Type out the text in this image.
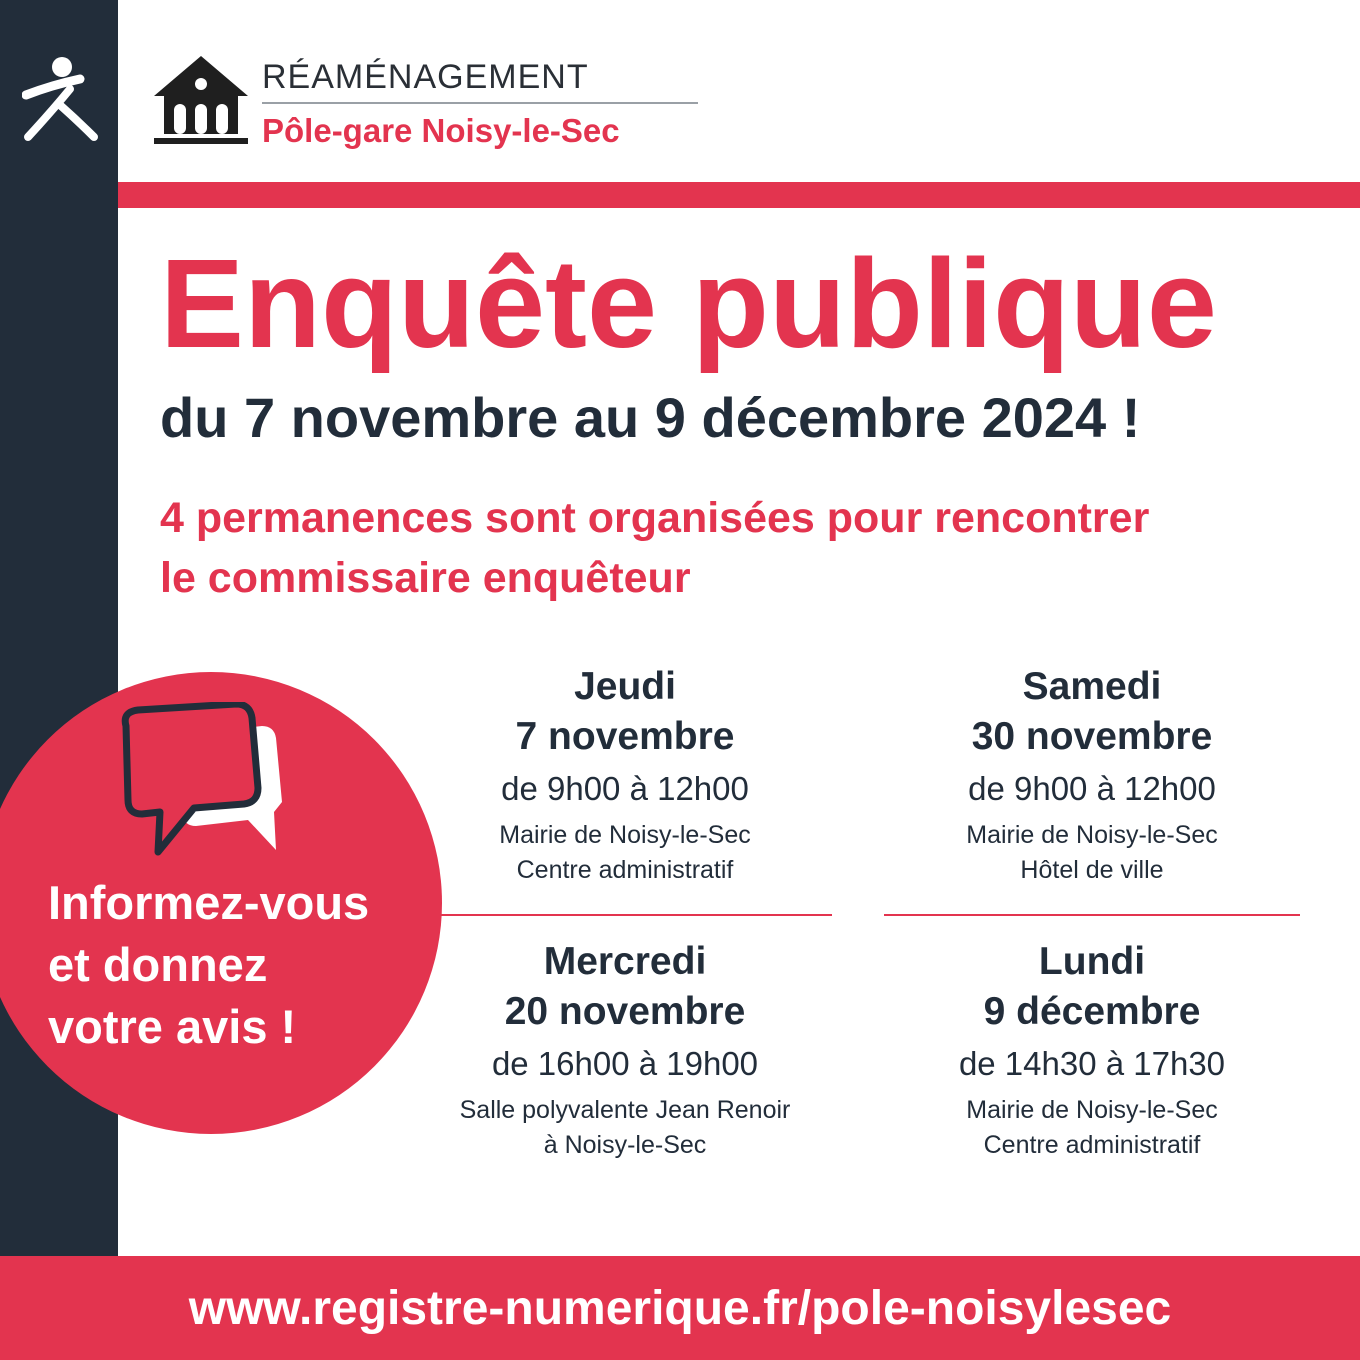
RÉAMÉNAGEMENT
Pôle-gare Noisy-le-Sec
Enquête publique
du 7 novembre au 9 décembre 2024 !
4 permanences sont organisées pour rencontrer
le commissaire enquêteur
Jeudi
7 novembre
de 9h00 à 12h00
Mairie de Noisy-le-Sec
Centre administratif
Samedi
30 novembre
de 9h00 à 12h00
Mairie de Noisy-le-Sec
Hôtel de ville
Mercredi
20 novembre
de 16h00 à 19h00
Salle polyvalente Jean Renoir
à Noisy-le-Sec
Lundi
9 décembre
de 14h30 à 17h30
Mairie de Noisy-le-Sec
Centre administratif
Informez-vous
et donnez
votre avis !
www.registre-numerique.fr/pole-noisylesec
